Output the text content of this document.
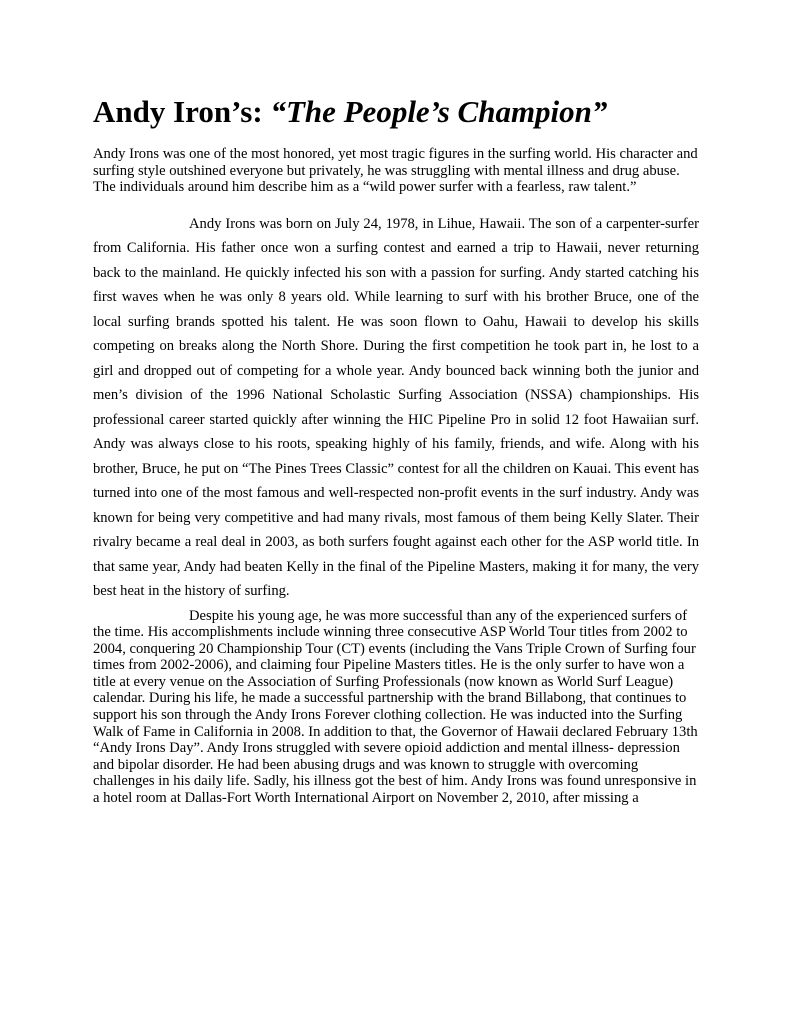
Andy Iron’s: “The People’s Champion”

Andy Irons was one of the most honored, yet most tragic figures in the surfing world. His character and surfing style outshined everyone but privately, he was struggling with mental illness and drug abuse. The individuals around him describe him as a “wild power surfer with a fearless, raw talent.”

Andy Irons was born on July 24, 1978, in Lihue, Hawaii. The son of a carpenter-surfer from California. His father once won a surfing contest and earned a trip to Hawaii, never returning back to the mainland. He quickly infected his son with a passion for surfing. Andy started catching his first waves when he was only 8 years old. While learning to surf with his brother Bruce, one of the local surfing brands spotted his talent. He was soon flown to Oahu, Hawaii to develop his skills competing on breaks along the North Shore. During the first competition he took part in, he lost to a girl and dropped out of competing for a whole year. Andy bounced back winning both the junior and men’s division of the 1996 National Scholastic Surfing Association (NSSA) championships. His professional career started quickly after winning the HIC Pipeline Pro in solid 12 foot Hawaiian surf. Andy was always close to his roots, speaking highly of his family, friends, and wife. Along with his brother, Bruce, he put on “The Pines Trees Classic” contest for all the children on Kauai. This event has turned into one of the most famous and well-respected non-profit events in the surf industry. Andy was known for being very competitive and had many rivals, most famous of them being Kelly Slater. Their rivalry became a real deal in 2003, as both surfers fought against each other for the ASP world title. In that same year, Andy had beaten Kelly in the final of the Pipeline Masters, making it for many, the very best heat in the history of surfing.

Despite his young age, he was more successful than any of the experienced surfers of the time. His accomplishments include winning three consecutive ASP World Tour titles from 2002 to 2004, conquering 20 Championship Tour (CT) events (including the Vans Triple Crown of Surfing four times from 2002-2006), and claiming four Pipeline Masters titles. He is the only surfer to have won a title at every venue on the Association of Surfing Professionals (now known as World Surf League) calendar. During his life, he made a successful partnership with the brand Billabong, that continues to support his son through the Andy Irons Forever clothing collection. He was inducted into the Surfing Walk of Fame in California in 2008. In addition to that, the Governor of Hawaii declared February 13th “Andy Irons Day”. Andy Irons struggled with severe opioid addiction and mental illness- depression and bipolar disorder. He had been abusing drugs and was known to struggle with overcoming challenges in his daily life. Sadly, his illness got the best of him. Andy Irons was found unresponsive in a hotel room at Dallas-Fort Worth International Airport on November 2, 2010, after missing a
